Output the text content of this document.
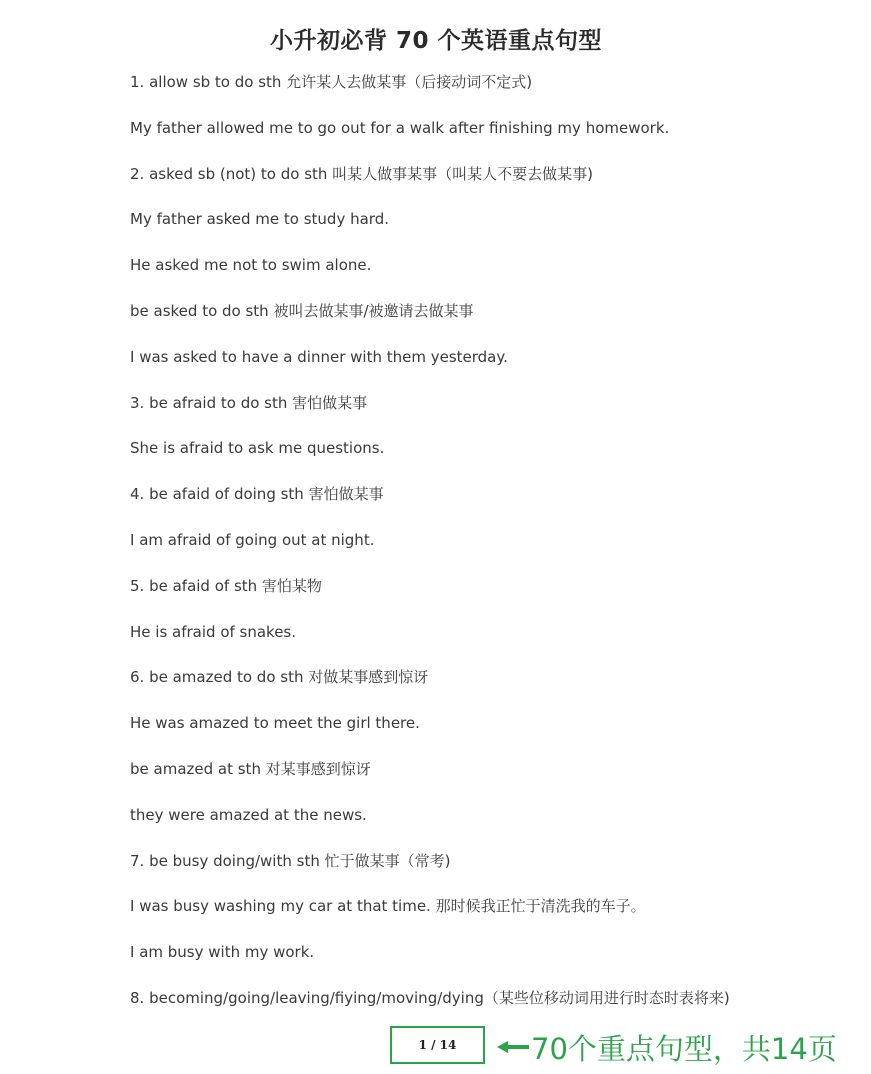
小升初必背 70 个英语重点句型
1. allow sb to do sth 允许某人去做某事（后接动词不定式)
My father allowed me to go out for a walk after finishing my homework.
2. asked sb (not) to do sth 叫某人做事某事（叫某人不要去做某事)
My father asked me to study hard.
He asked me not to swim alone.
be asked to do sth 被叫去做某事/被邀请去做某事
I was asked to have a dinner with them yesterday.
3. be afraid to do sth 害怕做某事
She is afraid to ask me questions.
4. be afaid of doing sth 害怕做某事
I am afraid of going out at night.
5. be afaid of sth 害怕某物
He is afraid of snakes.
6. be amazed to do sth 对做某事感到惊讶
He was amazed to meet the girl there.
be amazed at sth 对某事感到惊讶
they were amazed at the news.
7. be busy doing/with sth 忙于做某事（常考)
I was busy washing my car at that time. 那时候我正忙于清洗我的车子。
I am busy with my work.
8. becoming/going/leaving/fiying/moving/dying（某些位移动词用进行时态时表将来)
1 / 14	70个重点句型，共14页
